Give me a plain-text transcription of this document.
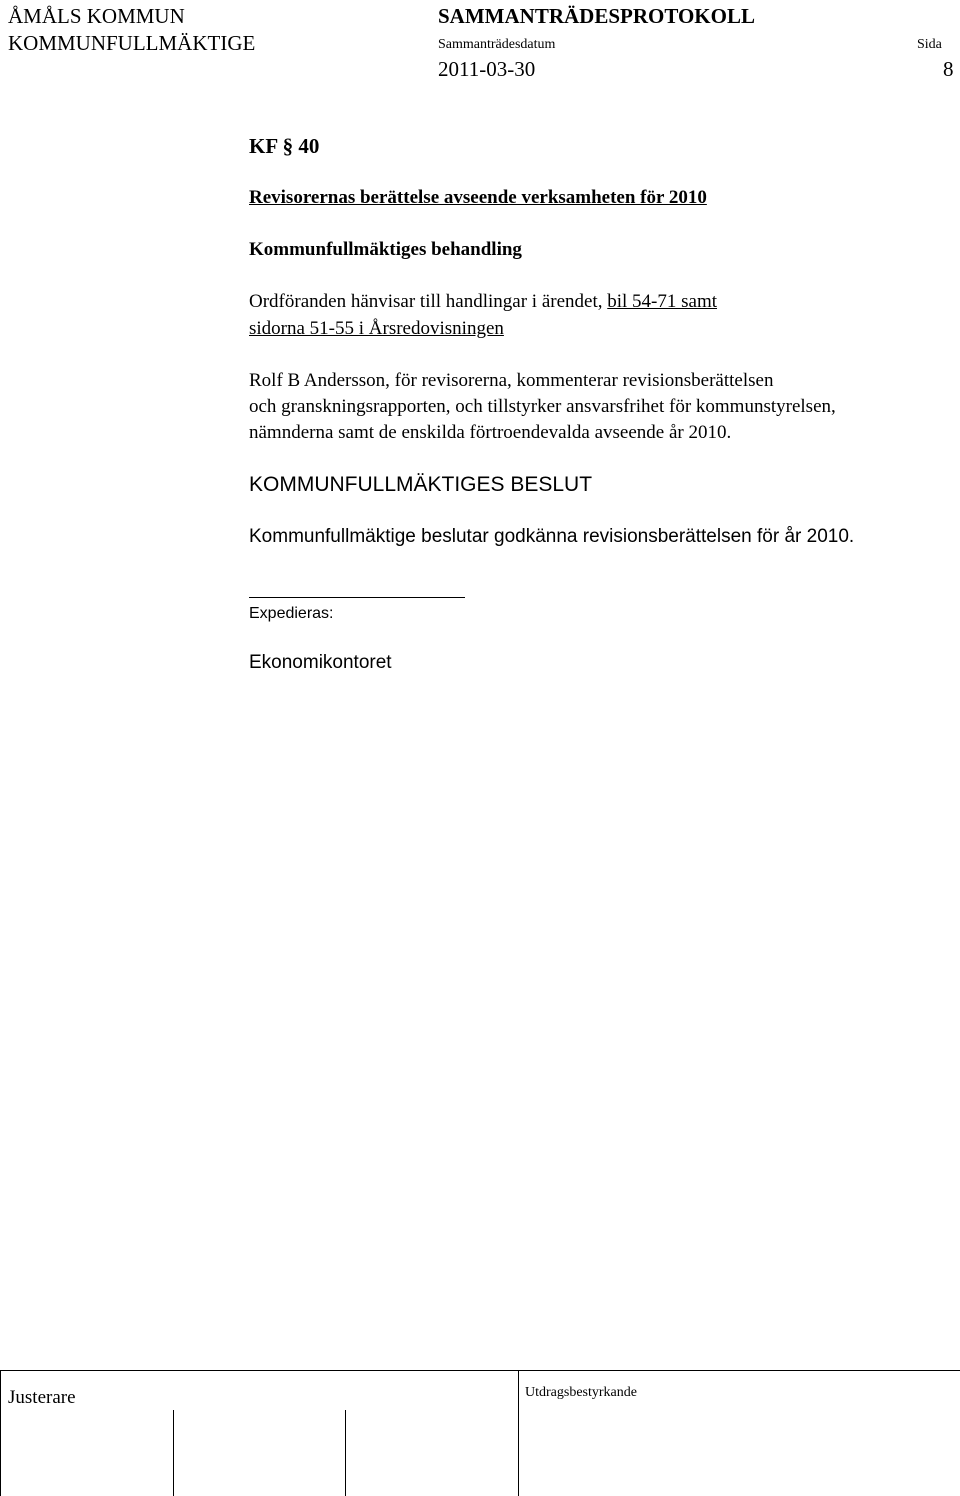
ÅMÅLS KOMMUN
KOMMUNFULLMÄKTIGE
SAMMANTRÄDESPROTOKOLL
Sammanträdesdatum	Sida
2011-03-30	8
KF § 40
Revisorernas berättelse avseende verksamheten för 2010
Kommunfullmäktiges behandling
Ordföranden hänvisar till handlingar i ärendet, bil 54-71 samt
sidorna 51-55 i Årsredovisningen
Rolf B Andersson, för revisorerna, kommenterar revisionsberättelsen
och granskningsrapporten, och tillstyrker ansvarsfrihet för kommunstyrelsen,
nämnderna samt de enskilda förtroendevalda avseende år 2010.
KOMMUNFULLMÄKTIGES BESLUT
Kommunfullmäktige beslutar godkänna revisionsberättelsen för år 2010.
Expedieras:
Ekonomikontoret
Justerare	Utdragsbestyrkande
